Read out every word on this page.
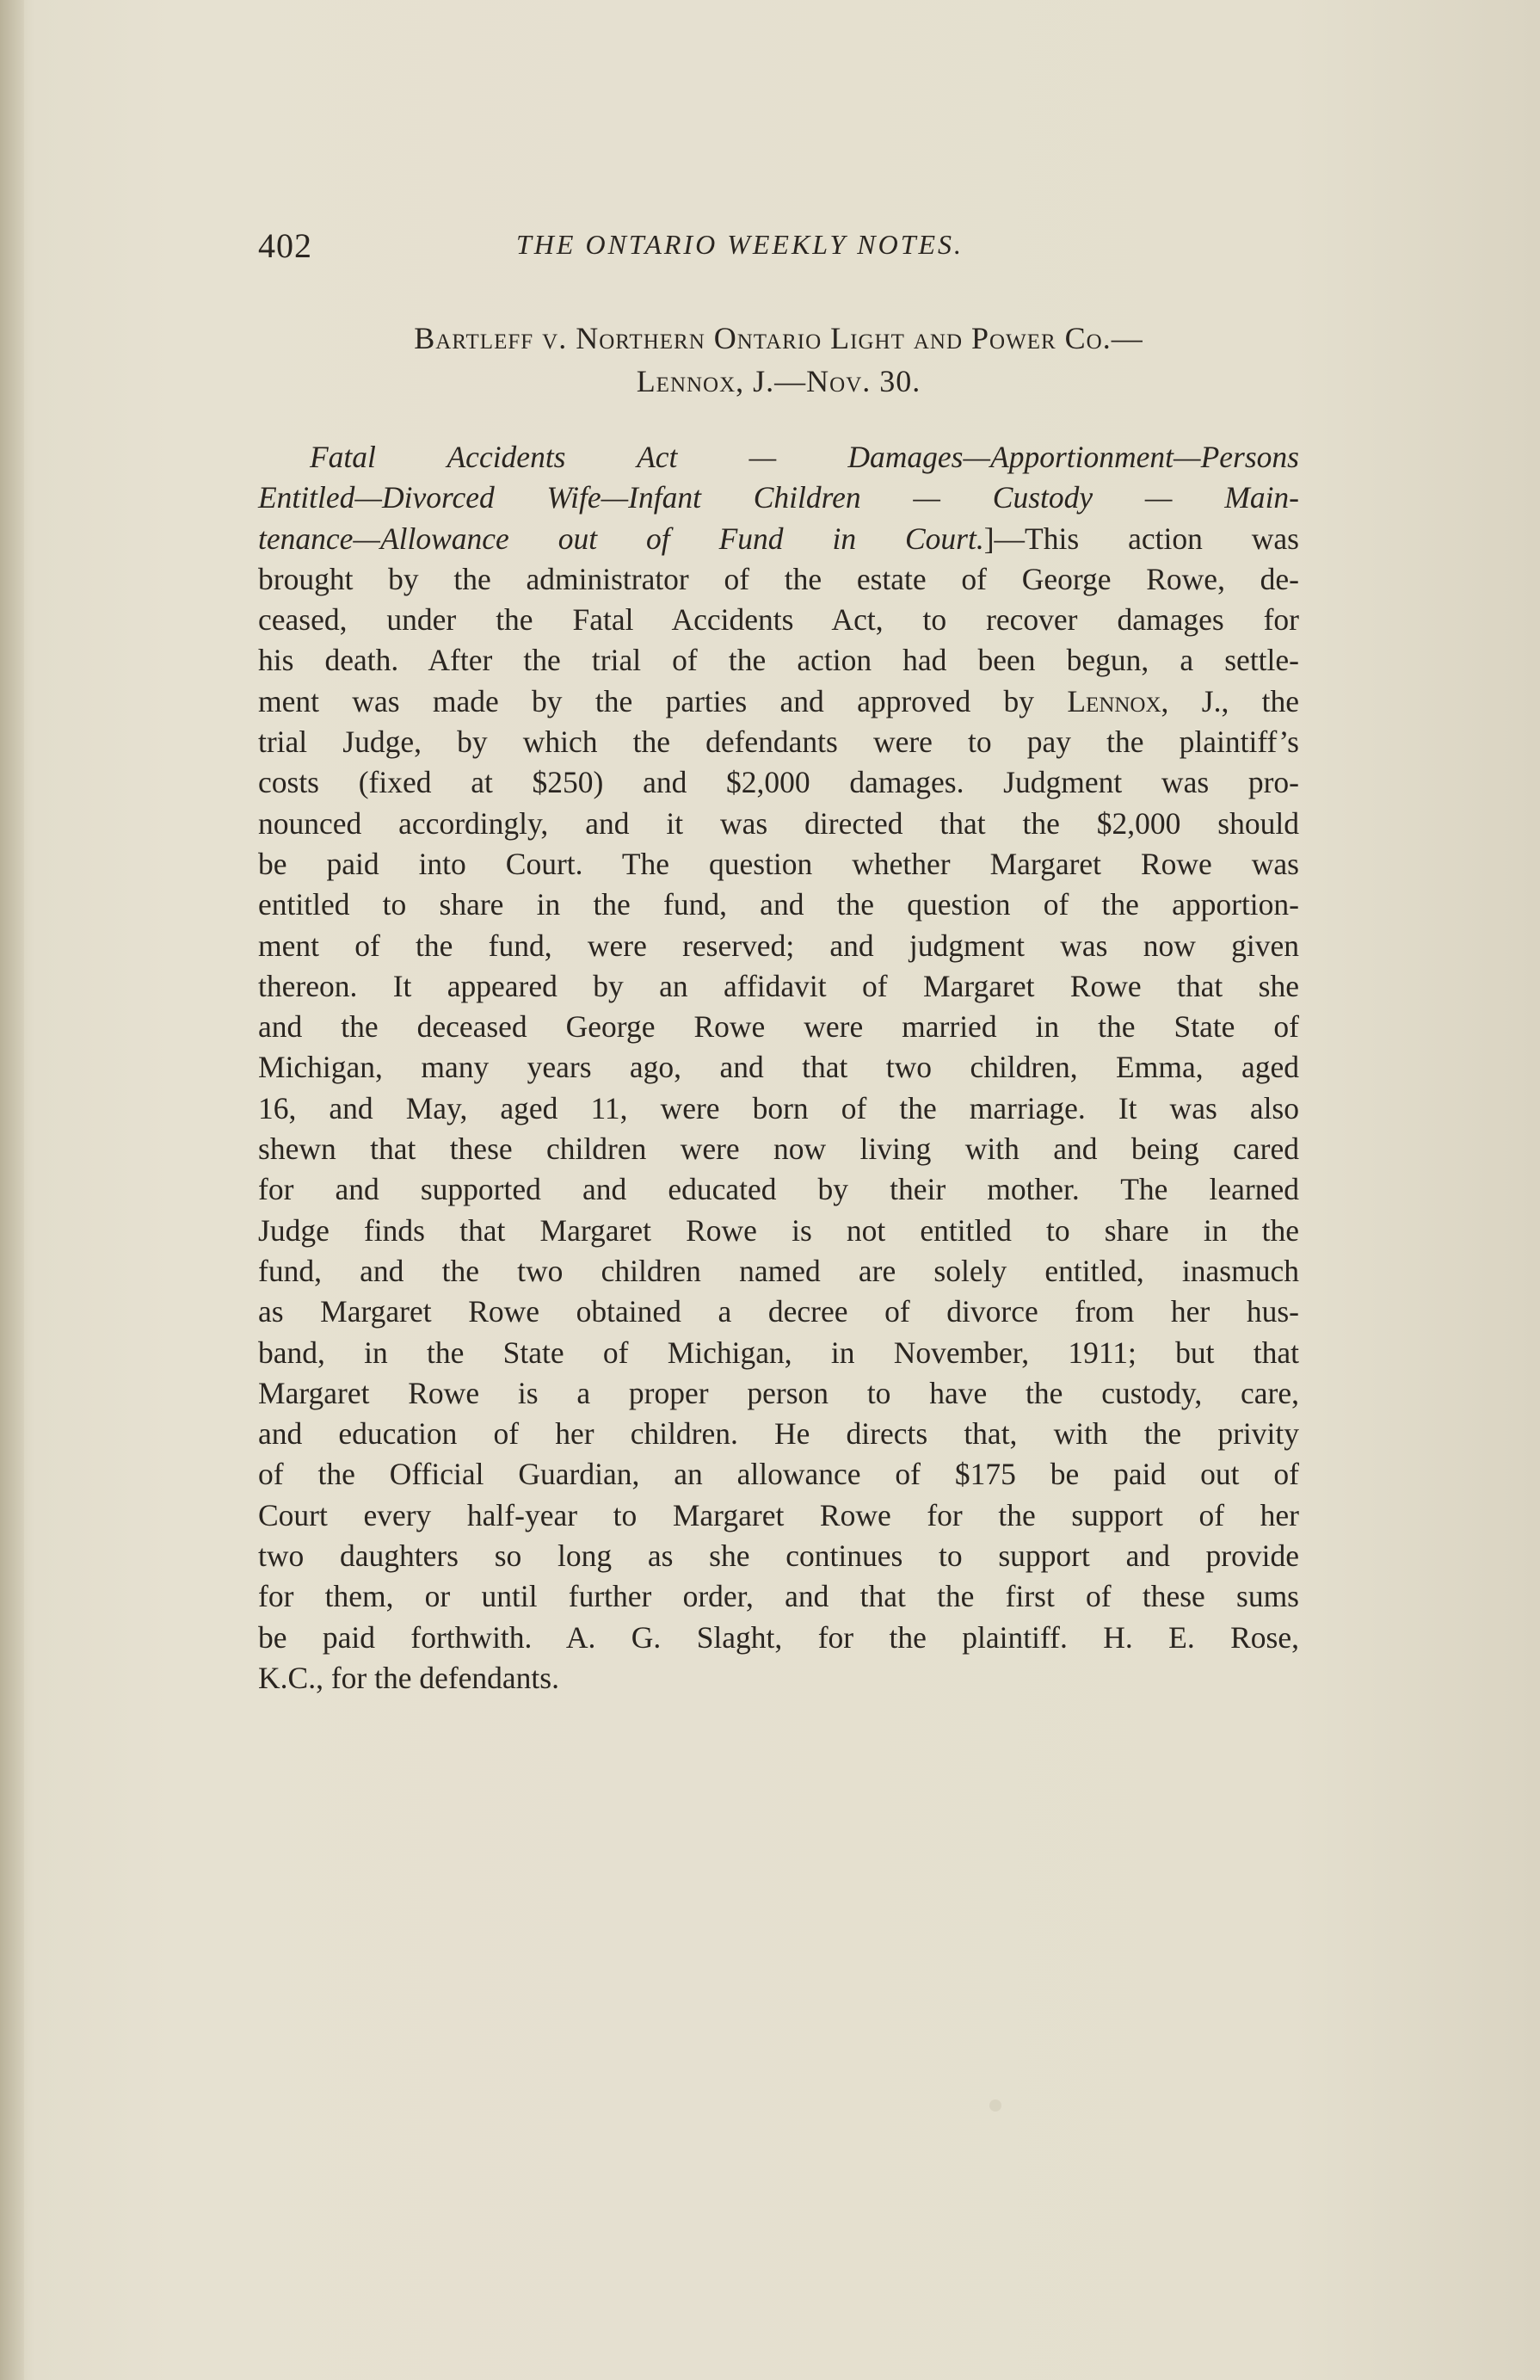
402	THE ONTARIO WEEKLY NOTES.
Bartleff v. Northern Ontario Light and Power Co.—
Lennox, J.—Nov. 30.
Fatal Accidents Act — Damages—Apportionment—Persons
Entitled—Divorced Wife—Infant Children — Custody — Main-
tenance—Allowance out of Fund in Court.]—This action was
brought by the administrator of the estate of George Rowe, de-
ceased, under the Fatal Accidents Act, to recover damages for
his death. After the trial of the action had been begun, a settle-
ment was made by the parties and approved by Lennox, J., the
trial Judge, by which the defendants were to pay the plaintiff’s
costs (fixed at $250) and $2,000 damages. Judgment was pro-
nounced accordingly, and it was directed that the $2,000 should
be paid into Court. The question whether Margaret Rowe was
entitled to share in the fund, and the question of the apportion-
ment of the fund, were reserved; and judgment was now given
thereon. It appeared by an affidavit of Margaret Rowe that she
and the deceased George Rowe were married in the State of
Michigan, many years ago, and that two children, Emma, aged
16, and May, aged 11, were born of the marriage. It was also
shewn that these children were now living with and being cared
for and supported and educated by their mother. The learned
Judge finds that Margaret Rowe is not entitled to share in the
fund, and the two children named are solely entitled, inasmuch
as Margaret Rowe obtained a decree of divorce from her hus-
band, in the State of Michigan, in November, 1911; but that
Margaret Rowe is a proper person to have the custody, care,
and education of her children. He directs that, with the privity
of the Official Guardian, an allowance of $175 be paid out of
Court every half-year to Margaret Rowe for the support of her
two daughters so long as she continues to support and provide
for them, or until further order, and that the first of these sums
be paid forthwith. A. G. Slaght, for the plaintiff. H. E. Rose,
K.C., for the defendants.
